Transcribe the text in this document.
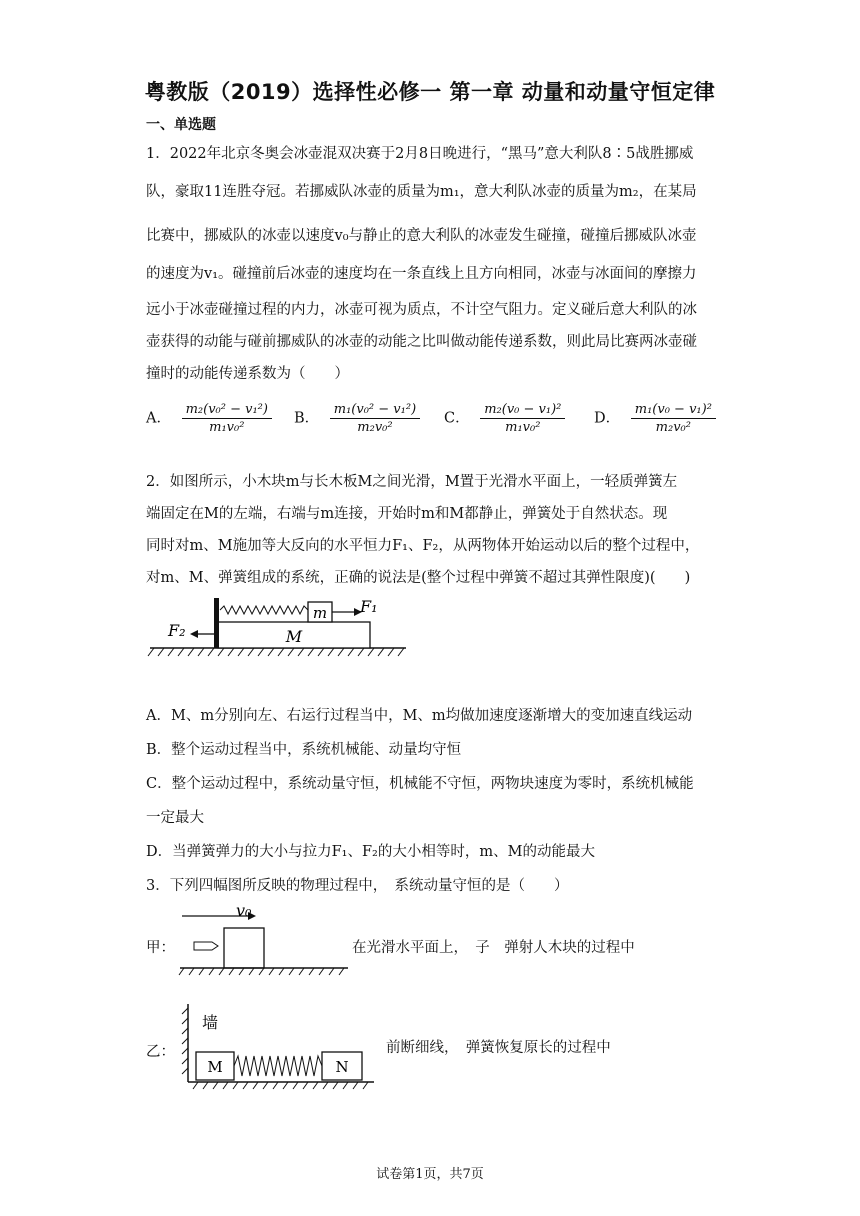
粤教版（2019）选择性必修一 第一章 动量和动量守恒定律
一、单选题
1．2022年北京冬奥会冰壶混双决赛于2月8日晚进行，“黑马”意大利队8∶5战胜挪威
队，豪取11连胜夺冠。若挪威队冰壶的质量为m₁，意大利队冰壶的质量为m₂，在某局
比赛中，挪威队的冰壶以速度v₀与静止的意大利队的冰壶发生碰撞，碰撞后挪威队冰壶
的速度为v₁。碰撞前后冰壶的速度均在一条直线上且方向相同，冰壶与冰面间的摩擦力
远小于冰壶碰撞过程的内力，冰壶可视为质点，不计空气阻力。定义碰后意大利队的冰
壶获得的动能与碰前挪威队的冰壶的动能之比叫做动能传递系数，则此局比赛两冰壶碰
撞时的动能传递系数为（　　）
A． $\frac{\text{m₂(v₀² − v₁²)}}{\text{m₁v₀²}}$ B． $\frac{\text{m₁(v₀² − v₁²)}}{\text{m₂v₀²}}$ C． $\frac{\text{m₂(v₀ − v₁)²}}{\text{m₁v₀²}}$ D． $\frac{\text{m₁(v₀ − v₁)²}}{\text{m₂v₀²}}$
2．如图所示，小木块m与长木板M之间光滑，M置于光滑水平面上，一轻质弹簧左
端固定在M的左端，右端与m连接，开始时m和M都静止，弹簧处于自然状态。现
同时对m、M施加等大反向的水平恒力F₁、F₂，从两物体开始运动以后的整个过程中，
对m、M、弹簧组成的系统，正确的说法是(整个过程中弹簧不超过其弹性限度)(　　)
m
M
F₁
F₂
A．M、m分别向左、右运行过程当中，M、m均做加速度逐渐增大的变加速直线运动
B．整个运动过程当中，系统机械能、动量均守恒
C．整个运动过程中，系统动量守恒，机械能不守恒，两物块速度为零时，系统机械能
一定最大
D．当弹簧弹力的大小与拉力F₁、F₂的大小相等时，m、M的动能最大
3．下列四幅图所反映的物理过程中，　系统动量守恒的是（　　）
甲：
v₀
在光滑水平面上，　子　弹射人木块的过程中
乙：
墙
M	N
前断细线，　弹簧恢复原长的过程中
试卷第1页，共7页
